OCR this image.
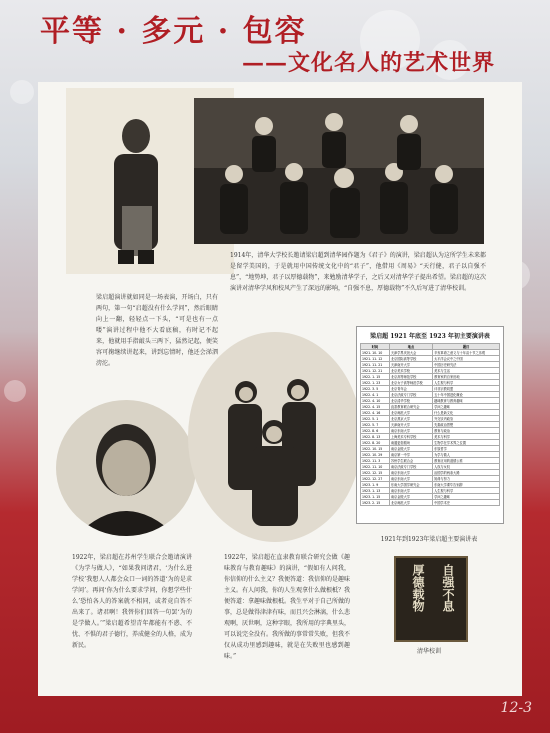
平等 · 多元 · 包容
——文化名人的艺术世界
1914年，清华大学校长邀请梁启超到清华园作题为《君子》的演讲，梁启超认为这所学生未来都是留学美国的，于是就用中国传统文化中的“君子”，他借用《周易》“天行健，君子以自强不息”，“地势坤，君子以厚德载物”，来勉励清华学子，之后又对清华学子提出希望。梁启超的这次演讲对清华学风和校风产生了深远的影响，“自强不息，厚德载物”不久后写进了清华校训。
梁启超演讲就如同是一场表演，开场白，只有两句，第一句“启超没有什么学问”，然后眼睛向上一翻，轻轻点一下头，“可是也有一点喽”演讲过程中他不大看底稿，有时记不起来，他就用手指敲头三两下，猛然记起，便笑容可掬继续讲起来，讲到忘情时，他还会涕泗滂沱。
1922年，梁启超在苏州学生联合会邀请演讲《为学与做人》，“如果我问诸君，‘为什么进学校’我想人人都会众口一词的答道‘为的是求学问’。再问‘你为什么要求学问，你想学些什么’恐怕各人的答案就不相同，或者竟自答不出来了。诸君啊！我替你们回答一句罢‘为的是学做人。’”梁启超希望青年都能有不惑、不忧、不惧的君子德行，养成健全的人格，成为新民。
1922年，梁启超在直隶教育联合研究会做《趣味教育与教育趣味》的演讲，“假如有人问我，你信仰的什么主义？我便答道：我信仰的是趣味主义。有人问我，你的人生观拿什么做根柢？我便答道：拿趣味做根柢。我生平对于自己所做的事，总是做得津津有味，而且兴会淋漓，什么悲观啊，厌世啊，这种字眼，我所用的字典里头，可以说完全没有。我所做的事常常失败，但我不仅从成功里感到趣味，就是在失败里也感到趣味。”
梁启超 1921 年底至 1923 年初主要演讲表
时间	地点	题目
1921. 10. 10	天津学界庆祝大会	辛亥革命之意义与十年双十节之乐观
1921. 11. 12	北京国际高等学校	太平洋会议中之中国
1921. 11. 21	天津南开大学	中国历史研究法
1921. 12. 21	北京美术学校	美术与生活
1922. 1. 15	北京高等师范学校	教育家的自家田地
1922. 1. 23	北京女子高等师范学校	人生观与科学
1922. 3. 5	北京青年会	评非宗教同盟
1922. 4. 1	北京法政专门学校	五十年中国进化概论
1922. 4. 10	北京清华学校	趣味教育与教育趣味
1922. 4. 15	直隶教育联合研究会	学问之趣味
1922. 4. 16	北京师范大学	什么是新文化
1922. 5. 1	北京燕京大学	外交欤内政欤
1922. 5. 7	天津南开大学	先秦政治思想
1922. 8. 6	南京东南大学	教育与政治
1922. 8. 13	上海美术专科学校	美术与科学
1922. 8. 20	南通更俗剧场	生物学在学术界之位置
1922. 10. 15	南京金陵大学	东原哲学
1922. 10. 29	南京第一中学	为学与做人
1922. 11. 3	苏州学生联合会	教育应用的道德公准
1922. 11. 10	南京法政专门学校	人权与女权
1922. 12. 15	南京东南大学	治国学的两条大路
1922. 12. 27	南京东南大学	知命与努力
1923. 1. 9	东南大学国学研究会	东南大学课毕告别辞
1923. 1. 13	南京东南大学	人生观与科学
1923. 1. 15	南京金陵大学	学问之趣味
1923. 2. 15	北京师范大学	中国学术史
1921年到1923年梁启超主要演讲表
自强不息
厚德载物
清华校训
12-3
